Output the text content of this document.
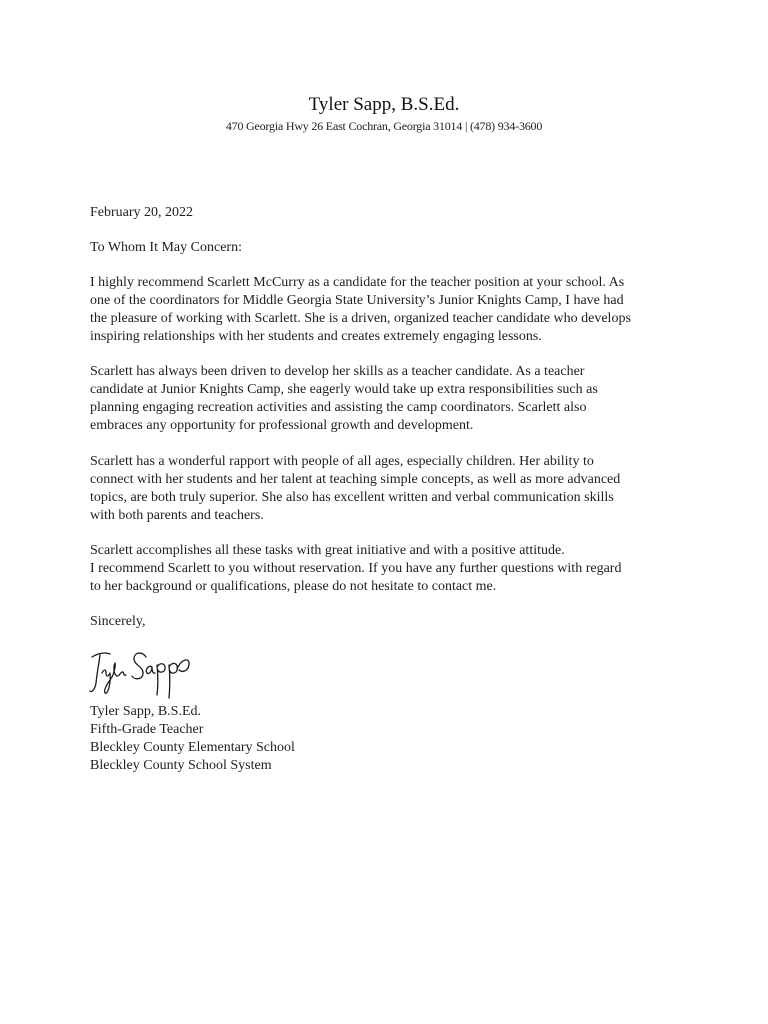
Tyler Sapp, B.S.Ed.
470 Georgia Hwy 26 East Cochran, Georgia 31014 | (478) 934-3600
February 20, 2022
To Whom It May Concern:

I highly recommend Scarlett McCurry as a candidate for the teacher position at your school. As

one of the coordinators for Middle Georgia State University’s Junior Knights Camp, I have had

the pleasure of working with Scarlett. She is a driven, organized teacher candidate who develops

inspiring relationships with her students and creates extremely engaging lessons.

Scarlett has always been driven to develop her skills as a teacher candidate. As a teacher

candidate at Junior Knights Camp, she eagerly would take up extra responsibilities such as

planning engaging recreation activities and assisting the camp coordinators. Scarlett also

embraces any opportunity for professional growth and development.

Scarlett has a wonderful rapport with people of all ages, especially children. Her ability to

connect with her students and her talent at teaching simple concepts, as well as more advanced

topics, are both truly superior. She also has excellent written and verbal communication skills

with both parents and teachers.

Scarlett accomplishes all these tasks with great initiative and with a positive attitude.

I recommend Scarlett to you without reservation. If you have any further questions with regard

to her background or qualifications, please do not hesitate to contact me.

Sincerely,
Tyler Sapp, B.S.Ed.
Fifth-Grade Teacher
Bleckley County Elementary School
Bleckley County School System
